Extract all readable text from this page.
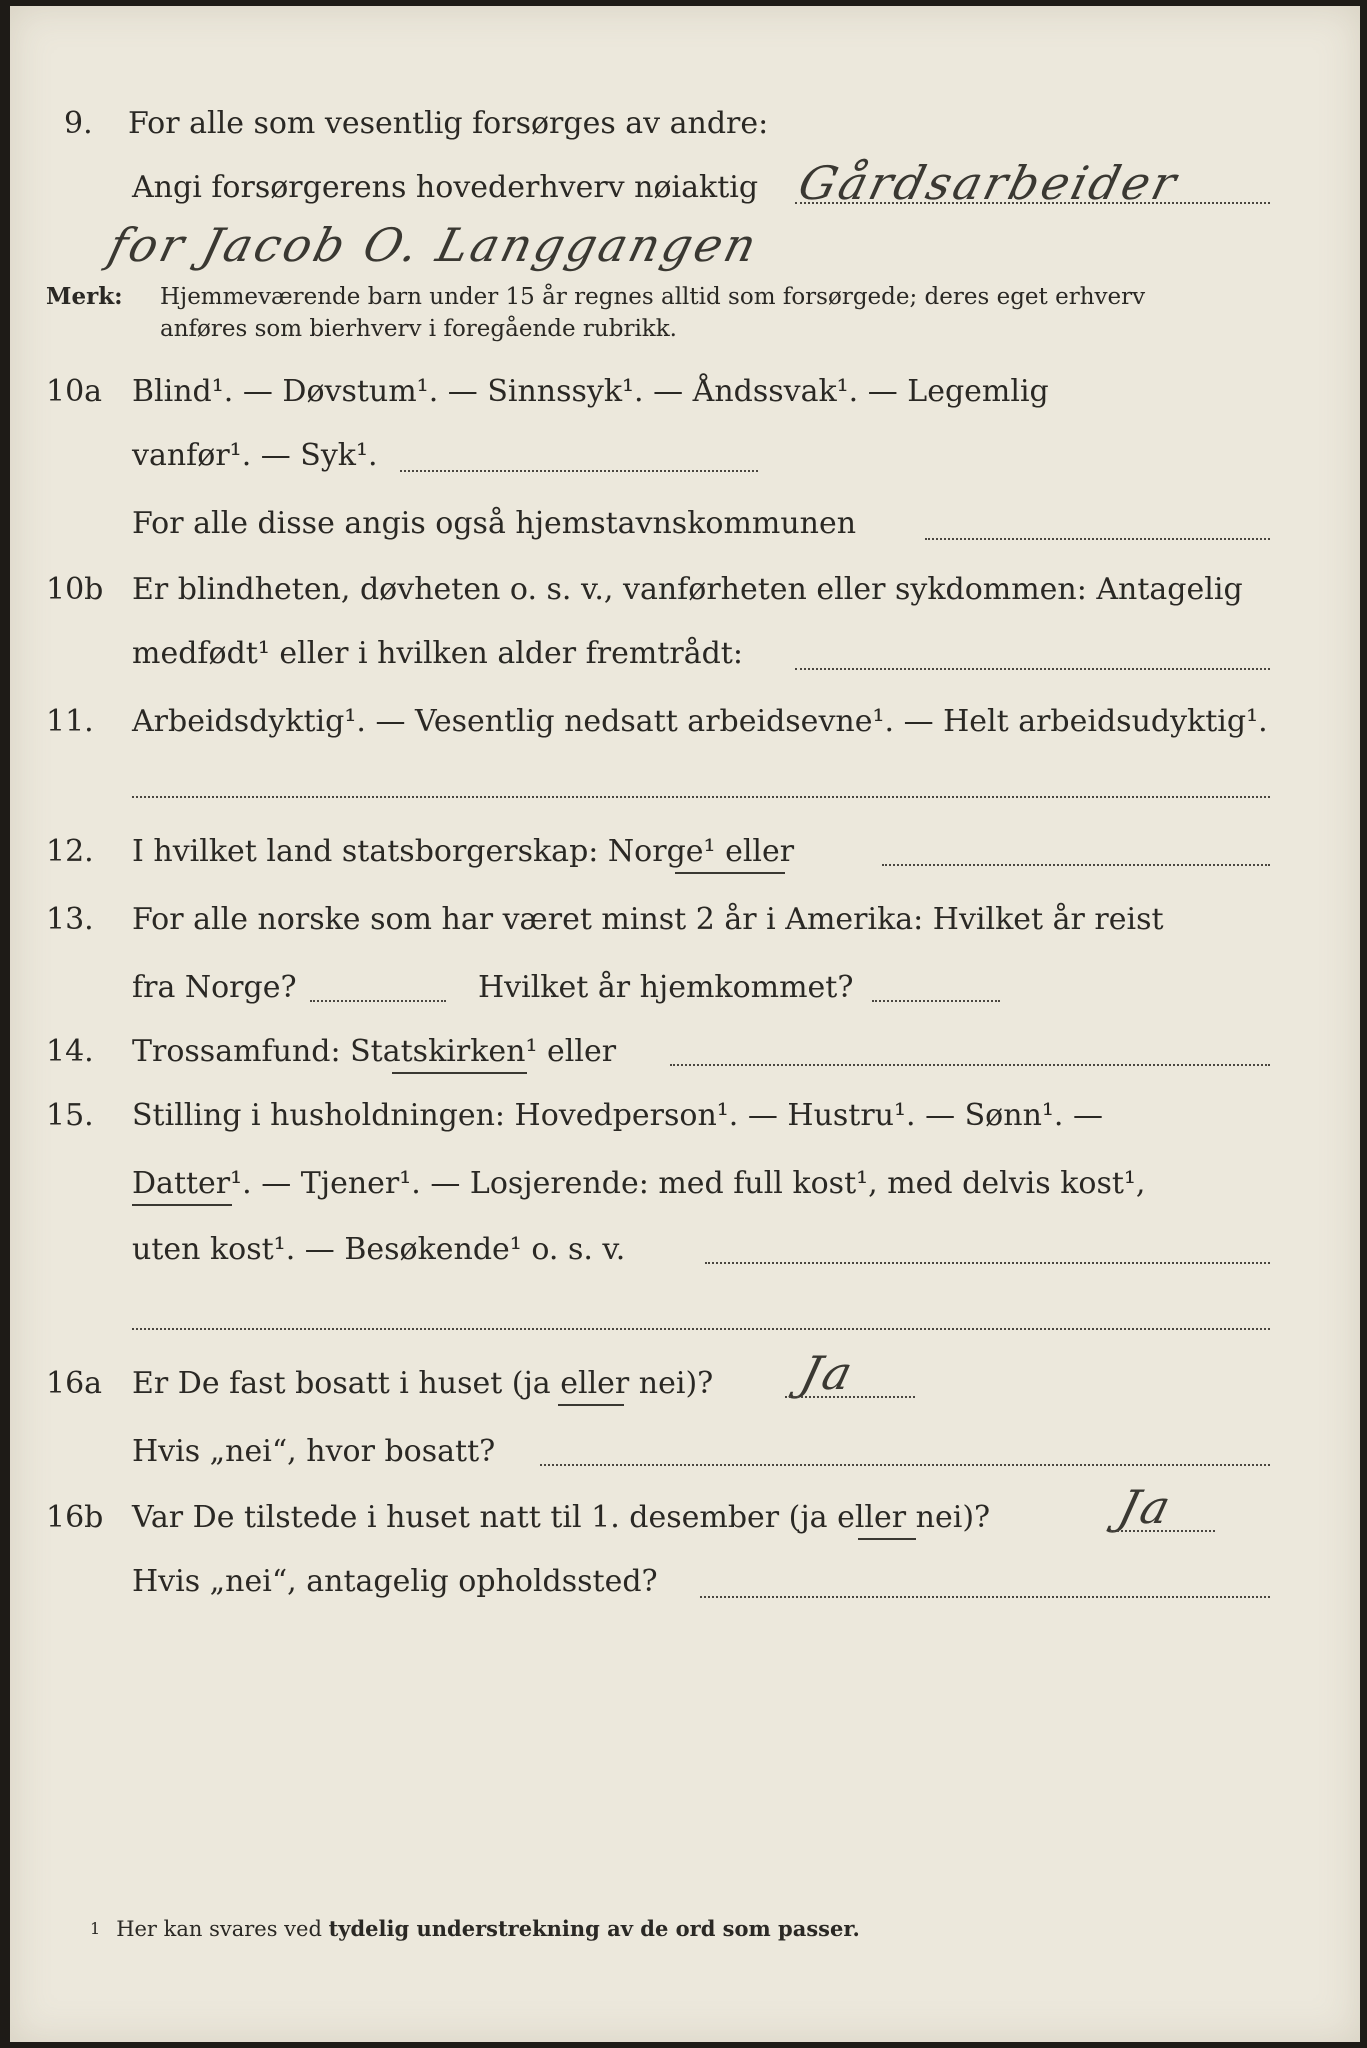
9. For alle som vesentlig forsørges av andre:
Angi forsørgerens hovederhverv nøiaktig Gårdsarbeider
for Jacob O. Langgangen
Merk: Hjemmeværende barn under 15 år regnes alltid som forsørgede; deres eget erhverv
anføres som bierhverv i foregående rubrikk.
10a Blind¹. — Døvstum¹. — Sinnssyk¹. — Åndssvak¹. — Legemlig
vanfør¹. — Syk¹.
For alle disse angis også hjemstavnskommunen
10b Er blindheten, døvheten o. s. v., vanførheten eller sykdommen: Antagelig
medfødt¹ eller i hvilken alder fremtrådt:
11. Arbeidsdyktig¹. — Vesentlig nedsatt arbeidsevne¹. — Helt arbeidsudyktig¹.
12. I hvilket land statsborgerskap: Norge¹ eller
13. For alle norske som har været minst 2 år i Amerika: Hvilket år reist
fra Norge?	Hvilket år hjemkommet?
14. Trossamfund: Statskirken¹ eller
15. Stilling i husholdningen: Hovedperson¹. — Hustru¹. — Sønn¹. —
Datter¹. — Tjener¹. — Losjerende: med full kost¹, med delvis kost¹,
uten kost¹. — Besøkende¹ o. s. v.
16a Er De fast bosatt i huset (ja eller nei)? Ja
Hvis „nei“, hvor bosatt?
16b Var De tilstede i huset natt til 1. desember (ja eller nei)?	Ja
Hvis „nei“, antagelig opholdssted?
$^1$ Her kan svares ved tydelig understrekning av de ord som passer.
